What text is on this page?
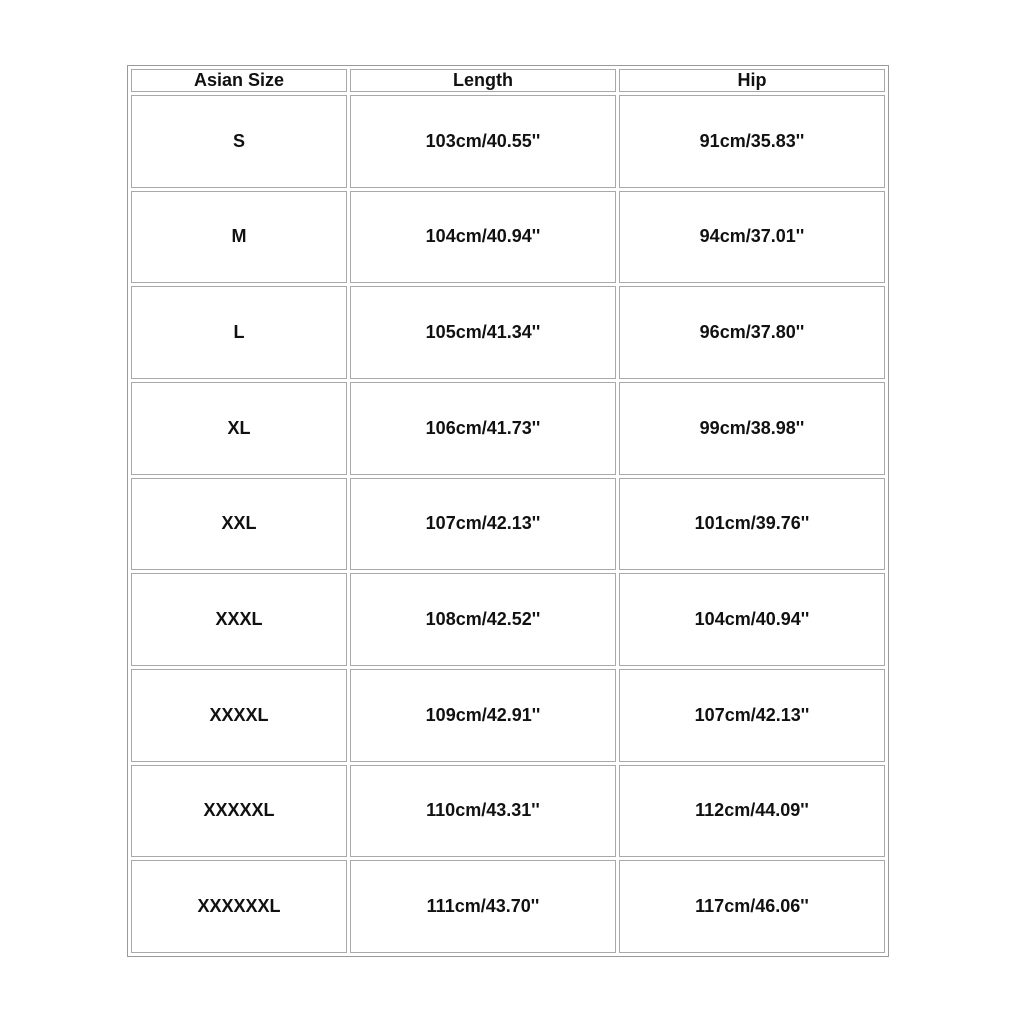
Asian Size	Length	Hip
S	103cm/40.55''	91cm/35.83''
M	104cm/40.94''	94cm/37.01''
L	105cm/41.34''	96cm/37.80''
XL	106cm/41.73''	99cm/38.98''
XXL	107cm/42.13''	101cm/39.76''
XXXL	108cm/42.52''	104cm/40.94''
XXXXL	109cm/42.91''	107cm/42.13''
XXXXXL	110cm/43.31''	112cm/44.09''
XXXXXXL	111cm/43.70''	117cm/46.06''
